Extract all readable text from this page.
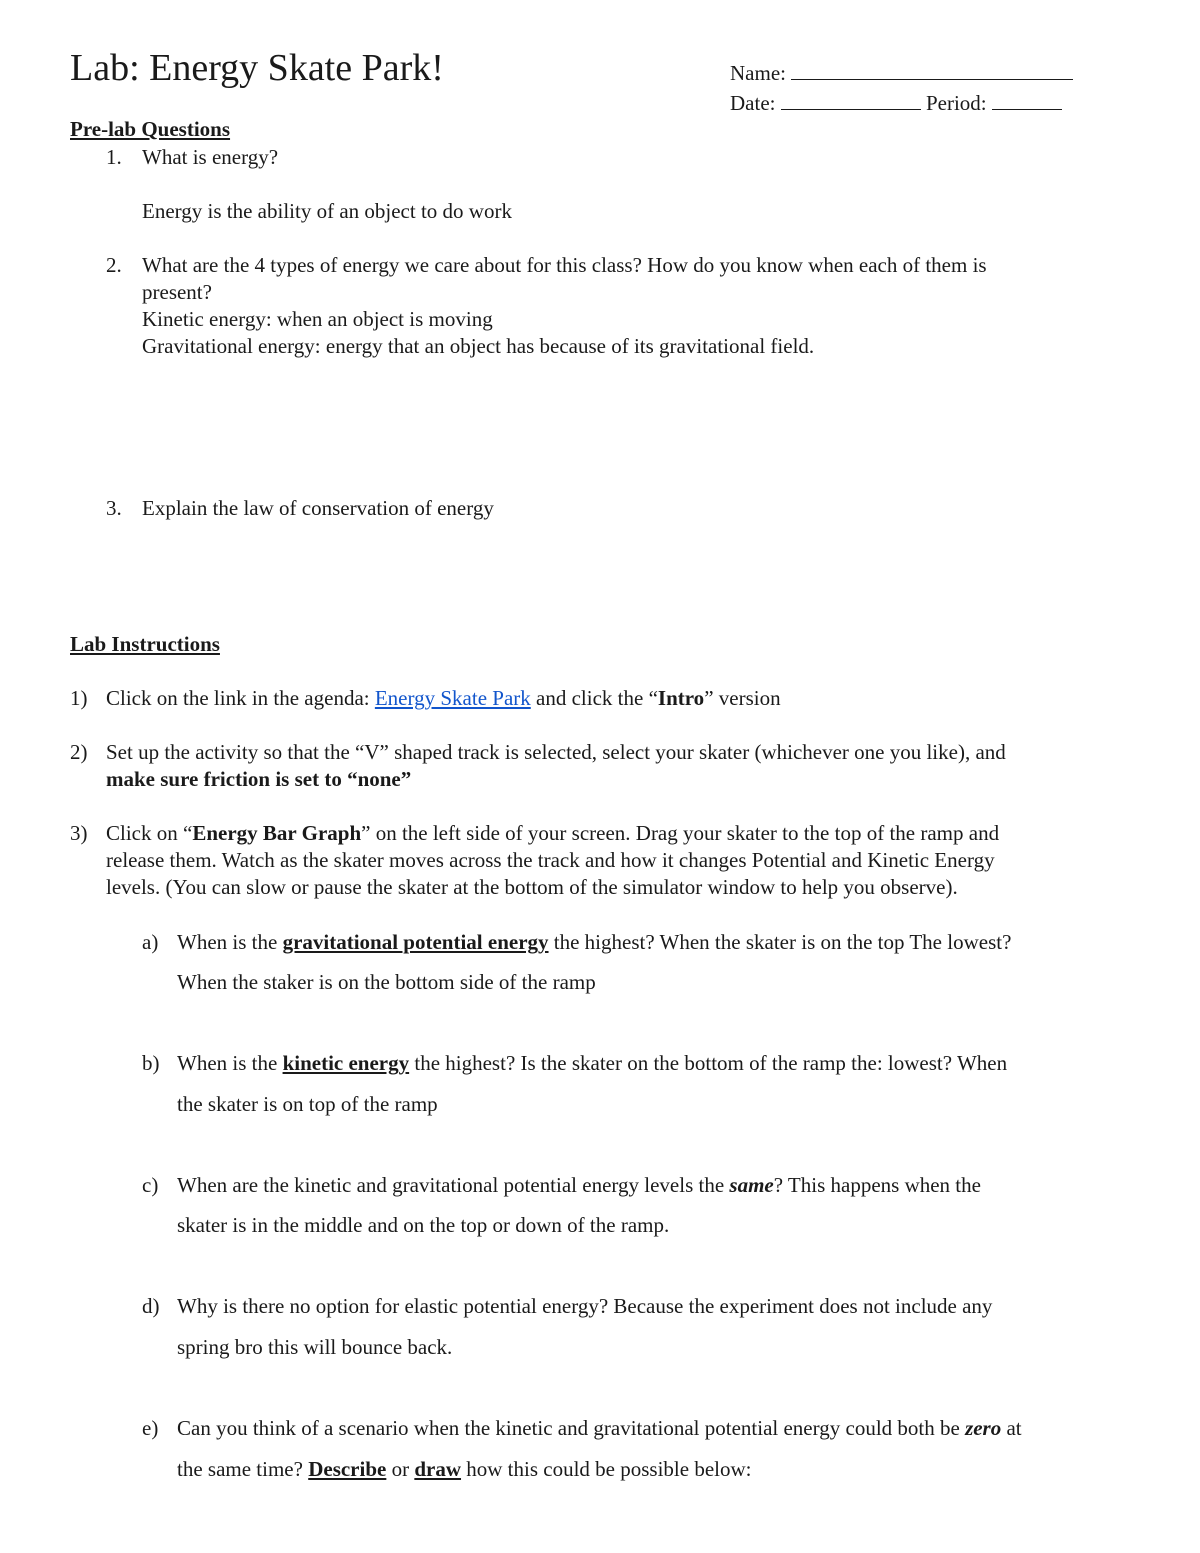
Lab: Energy Skate Park!	Name:
Date:	Period:
Pre-lab Questions
1. What is energy?
Energy is the ability of an object to do work
2. What are the 4 types of energy we care about for this class? How do you know when each of them is
present?
Kinetic energy: when an object is moving
Gravitational energy: energy that an object has because of its gravitational field.
3. Explain the law of conservation of energy
Lab Instructions
1) Click on the link in the agenda: Energy Skate Park and click the “Intro” version
2) Set up the activity so that the “V” shaped track is selected, select your skater (whichever one you like), and
make sure friction is set to “none”
3) Click on “Energy Bar Graph” on the left side of your screen. Drag your skater to the top of the ramp and
release them. Watch as the skater moves across the track and how it changes Potential and Kinetic Energy
levels. (You can slow or pause the skater at the bottom of the simulator window to help you observe).
a) When is the gravitational potential energy the highest? When the skater is on the top The lowest?
When the staker is on the bottom side of the ramp
b) When is the kinetic energy the highest? Is the skater on the bottom of the ramp the: lowest? When
the skater is on top of the ramp
c) When are the kinetic and gravitational potential energy levels the same? This happens when the
skater is in the middle and on the top or down of the ramp.
d) Why is there no option for elastic potential energy? Because the experiment does not include any
spring bro this will bounce back.
e) Can you think of a scenario when the kinetic and gravitational potential energy could both be zero at
the same time? Describe or draw how this could be possible below:
